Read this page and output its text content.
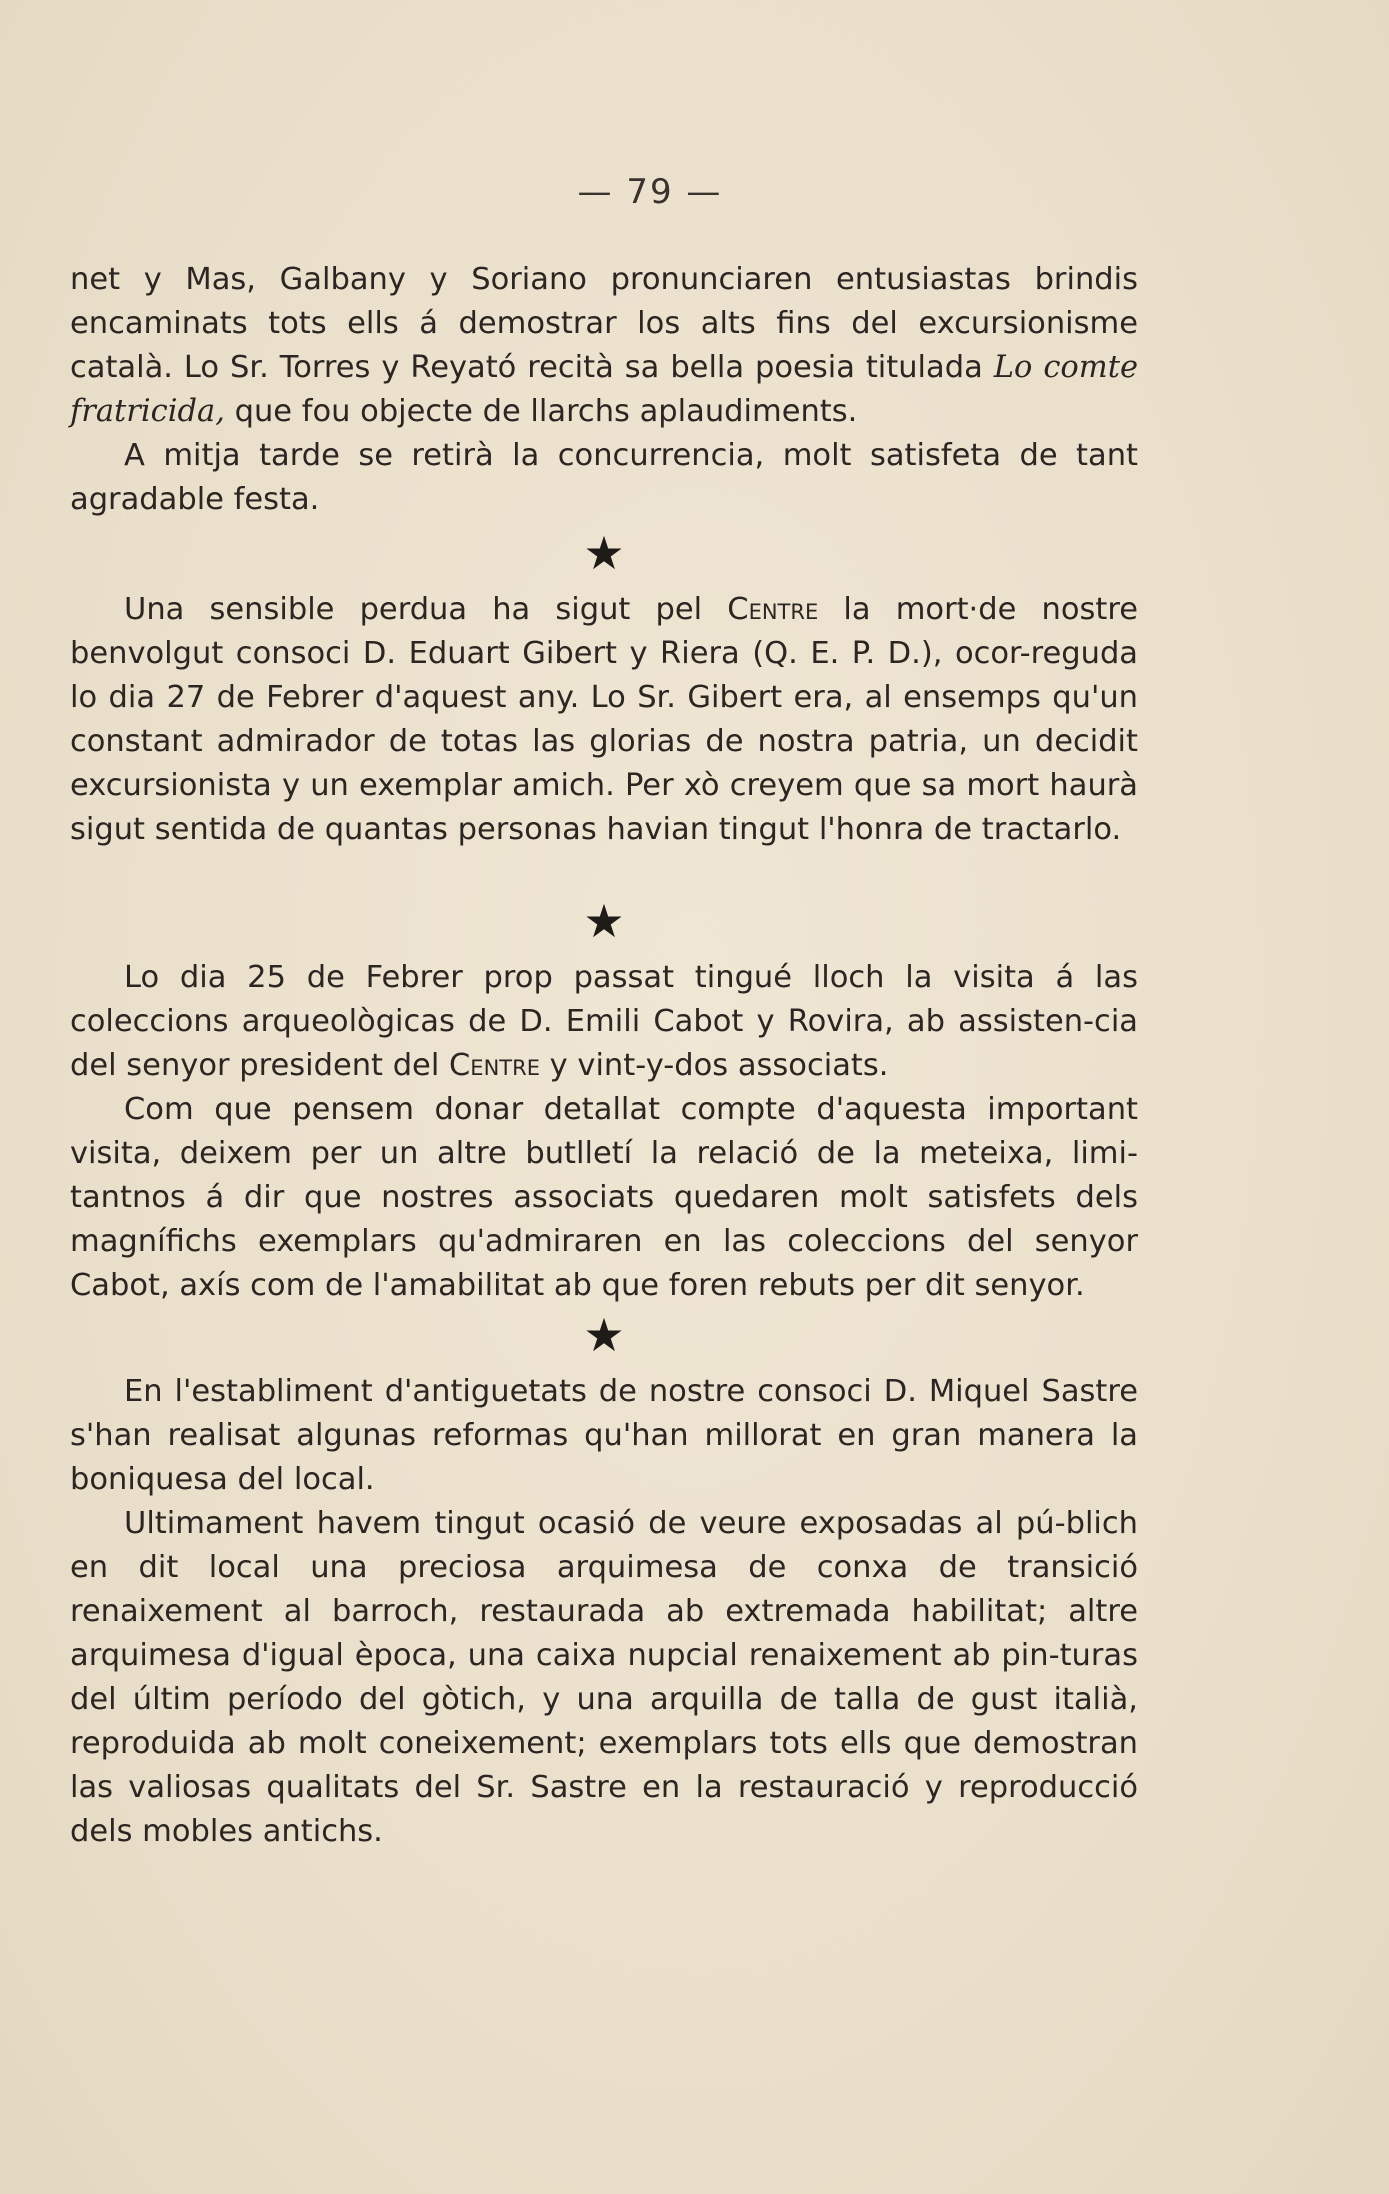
— 79 —

net y Mas, Galbany y Soriano pronunciaren entusiastas brindis encaminats tots ells á demostrar los alts fins del excursionisme català. Lo Sr. Torres y Reyató recità sa bella poesia titulada Lo comte fratricida, que fou objecte de llarchs aplaudiments.

A mitja tarde se retirà la concurrencia, molt satisfeta de tant agradable festa.

★

Una sensible perdua ha sigut pel Centre la mort·de nostre benvolgut consoci D. Eduart Gibert y Riera (Q. E. P. D.), ocor-reguda lo dia 27 de Febrer d'aquest any. Lo Sr. Gibert era, al ensemps qu'un constant admirador de totas las glorias de nostra patria, un decidit excursionista y un exemplar amich. Per xò creyem que sa mort haurà sigut sentida de quantas personas havian tingut l'honra de tractarlo.

★

Lo dia 25 de Febrer prop passat tingué lloch la visita á las coleccions arqueològicas de D. Emili Cabot y Rovira, ab assisten-cia del senyor president del Centre y vint-y-dos associats.

Com que pensem donar detallat compte d'aquesta important visita, deixem per un altre butlletí la relació de la meteixa, limi-tantnos á dir que nostres associats quedaren molt satisfets dels magnífichs exemplars qu'admiraren en las coleccions del senyor Cabot, axís com de l'amabilitat ab que foren rebuts per dit senyor.

★

En l'establiment d'antiguetats de nostre consoci D. Miquel Sastre s'han realisat algunas reformas qu'han millorat en gran manera la boniquesa del local.

Ultimament havem tingut ocasió de veure exposadas al pú-blich en dit local una preciosa arquimesa de conxa de transició renaixement al barroch, restaurada ab extremada habilitat; altre arquimesa d'igual època, una caixa nupcial renaixement ab pin-turas del últim período del gòtich, y una arquilla de talla de gust italià, reproduida ab molt coneixement; exemplars tots ells que demostran las valiosas qualitats del Sr. Sastre en la restauració y reproducció dels mobles antichs.
